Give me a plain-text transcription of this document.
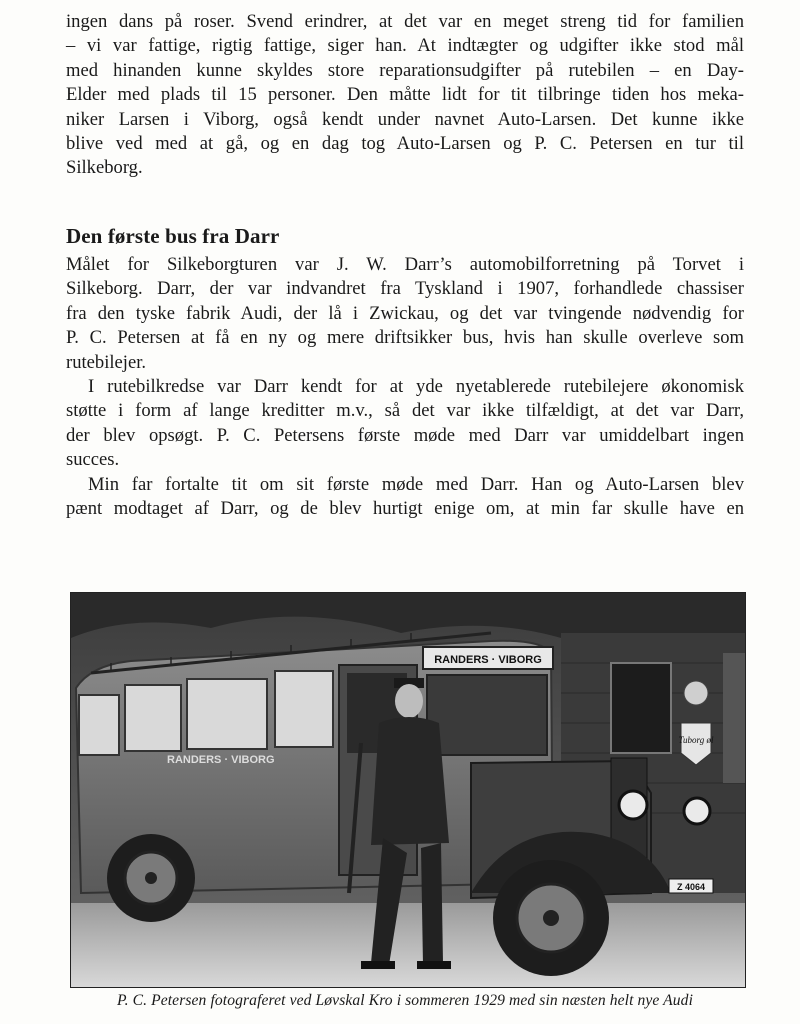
ingen dans på roser. Svend erindrer, at det var en meget streng tid for familien
– vi var fattige, rigtig fattige, siger han. At indtægter og udgifter ikke stod mål
med hinanden kunne skyldes store reparationsudgifter på rutebilen – en Day-
Elder med plads til 15 personer. Den måtte lidt for tit tilbringe tiden hos meka-
niker Larsen i Viborg, også kendt under navnet Auto-Larsen. Det kunne ikke
blive ved med at gå, og en dag tog Auto-Larsen og P. C. Petersen en tur til
Silkeborg.

Den første bus fra Darr

Målet for Silkeborgturen var J. W. Darr’s automobilforretning på Torvet i
Silkeborg. Darr, der var indvandret fra Tyskland i 1907, forhandlede chassiser
fra den tyske fabrik Audi, der lå i Zwickau, og det var tvingende nødvendig for
P. C. Petersen at få en ny og mere driftsikker bus, hvis han skulle overleve som
rutebilejer.

I rutebilkredse var Darr kendt for at yde nyetablerede rutebilejere økonomisk
støtte i form af lange kreditter m.v., så det var ikke tilfældigt, at det var Darr,
der blev opsøgt. P. C. Petersens første møde med Darr var umiddelbart ingen
succes.

Min far fortalte tit om sit første møde med Darr. Han og Auto-Larsen blev
pænt modtaget af Darr, og de blev hurtigt enige om, at min far skulle have en

Tuborg øl
RANDERS · VIBORG
RANDERS · VIBORG
Z 4064
P. C. Petersen fotograferet ved Løvskal Kro i sommeren 1929 med sin næsten helt nye Audi
